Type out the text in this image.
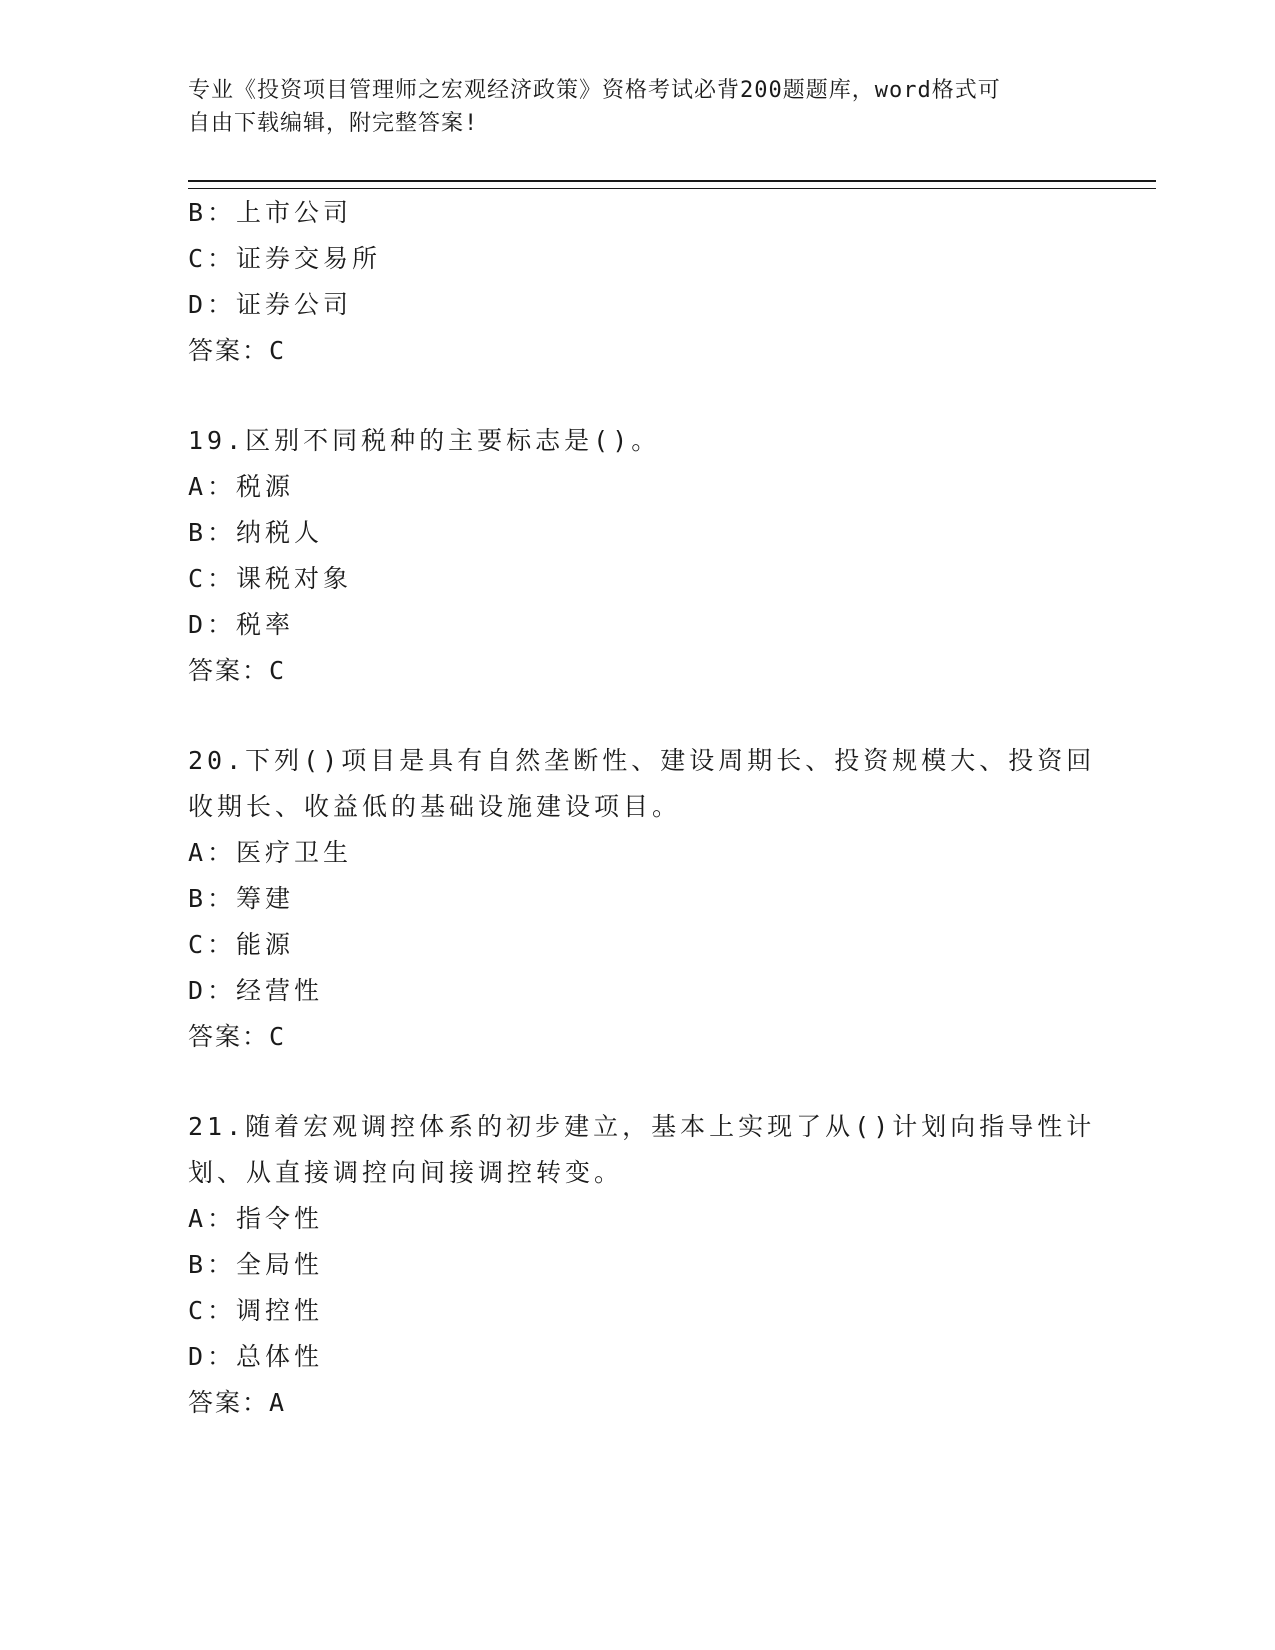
专业《投资项目管理师之宏观经济政策》资格考试必背200题题库，word格式可
自由下载编辑，附完整答案!
B：上市公司
C：证券交易所
D：证券公司
答案：C
19.区别不同税种的主要标志是()。
A：税源
B：纳税人
C：课税对象
D：税率
答案：C
20.下列()项目是具有自然垄断性、建设周期长、投资规模大、投资回
收期长、收益低的基础设施建设项目。
A：医疗卫生
B：筹建
C：能源
D：经营性
答案：C
21.随着宏观调控体系的初步建立，基本上实现了从()计划向指导性计
划、从直接调控向间接调控转变。
A：指令性
B：全局性
C：调控性
D：总体性
答案：A
